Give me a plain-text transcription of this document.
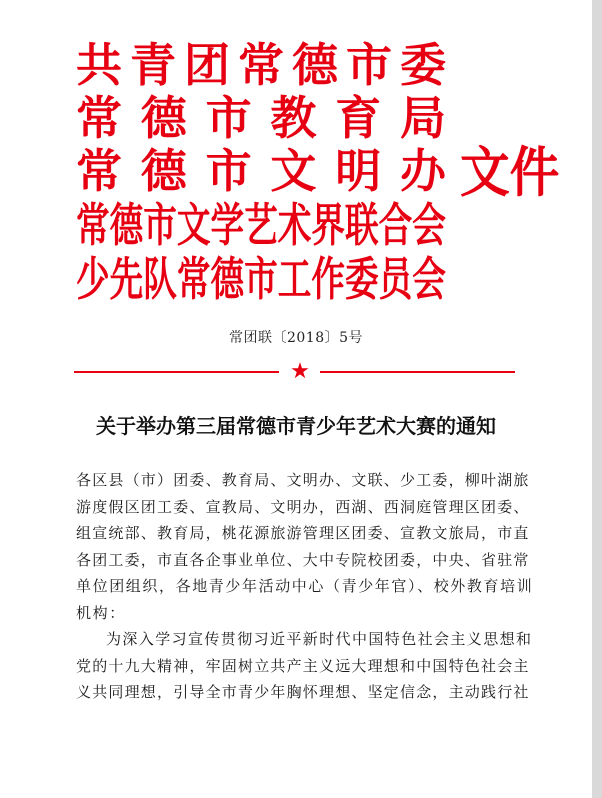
共 青 团 常 德 市 委
常 德 市 教 育 局
常 德 市 文 明 办
常德市文学艺术界联合会
少先队常德市工作委员会
文件
常团联〔2018〕5号
★
关于举办第三届常德市青少年艺术大赛的通知
各区县（市）团委、教育局、文明办、文联、少工委，柳叶湖旅
游度假区团工委、宣教局、文明办，西湖、西洞庭管理区团委、
组宣统部、教育局，桃花源旅游管理区团委、宣教文旅局，市直
各团工委，市直各企事业单位、大中专院校团委，中央、省驻常
单位团组织，各地青少年活动中心（青少年官）、校外教育培训
机构：
为深入学习宣传贯彻习近平新时代中国特色社会主义思想和
党的十九大精神，牢固树立共产主义远大理想和中国特色社会主
义共同理想，引导全市青少年胸怀理想、坚定信念，主动践行社
